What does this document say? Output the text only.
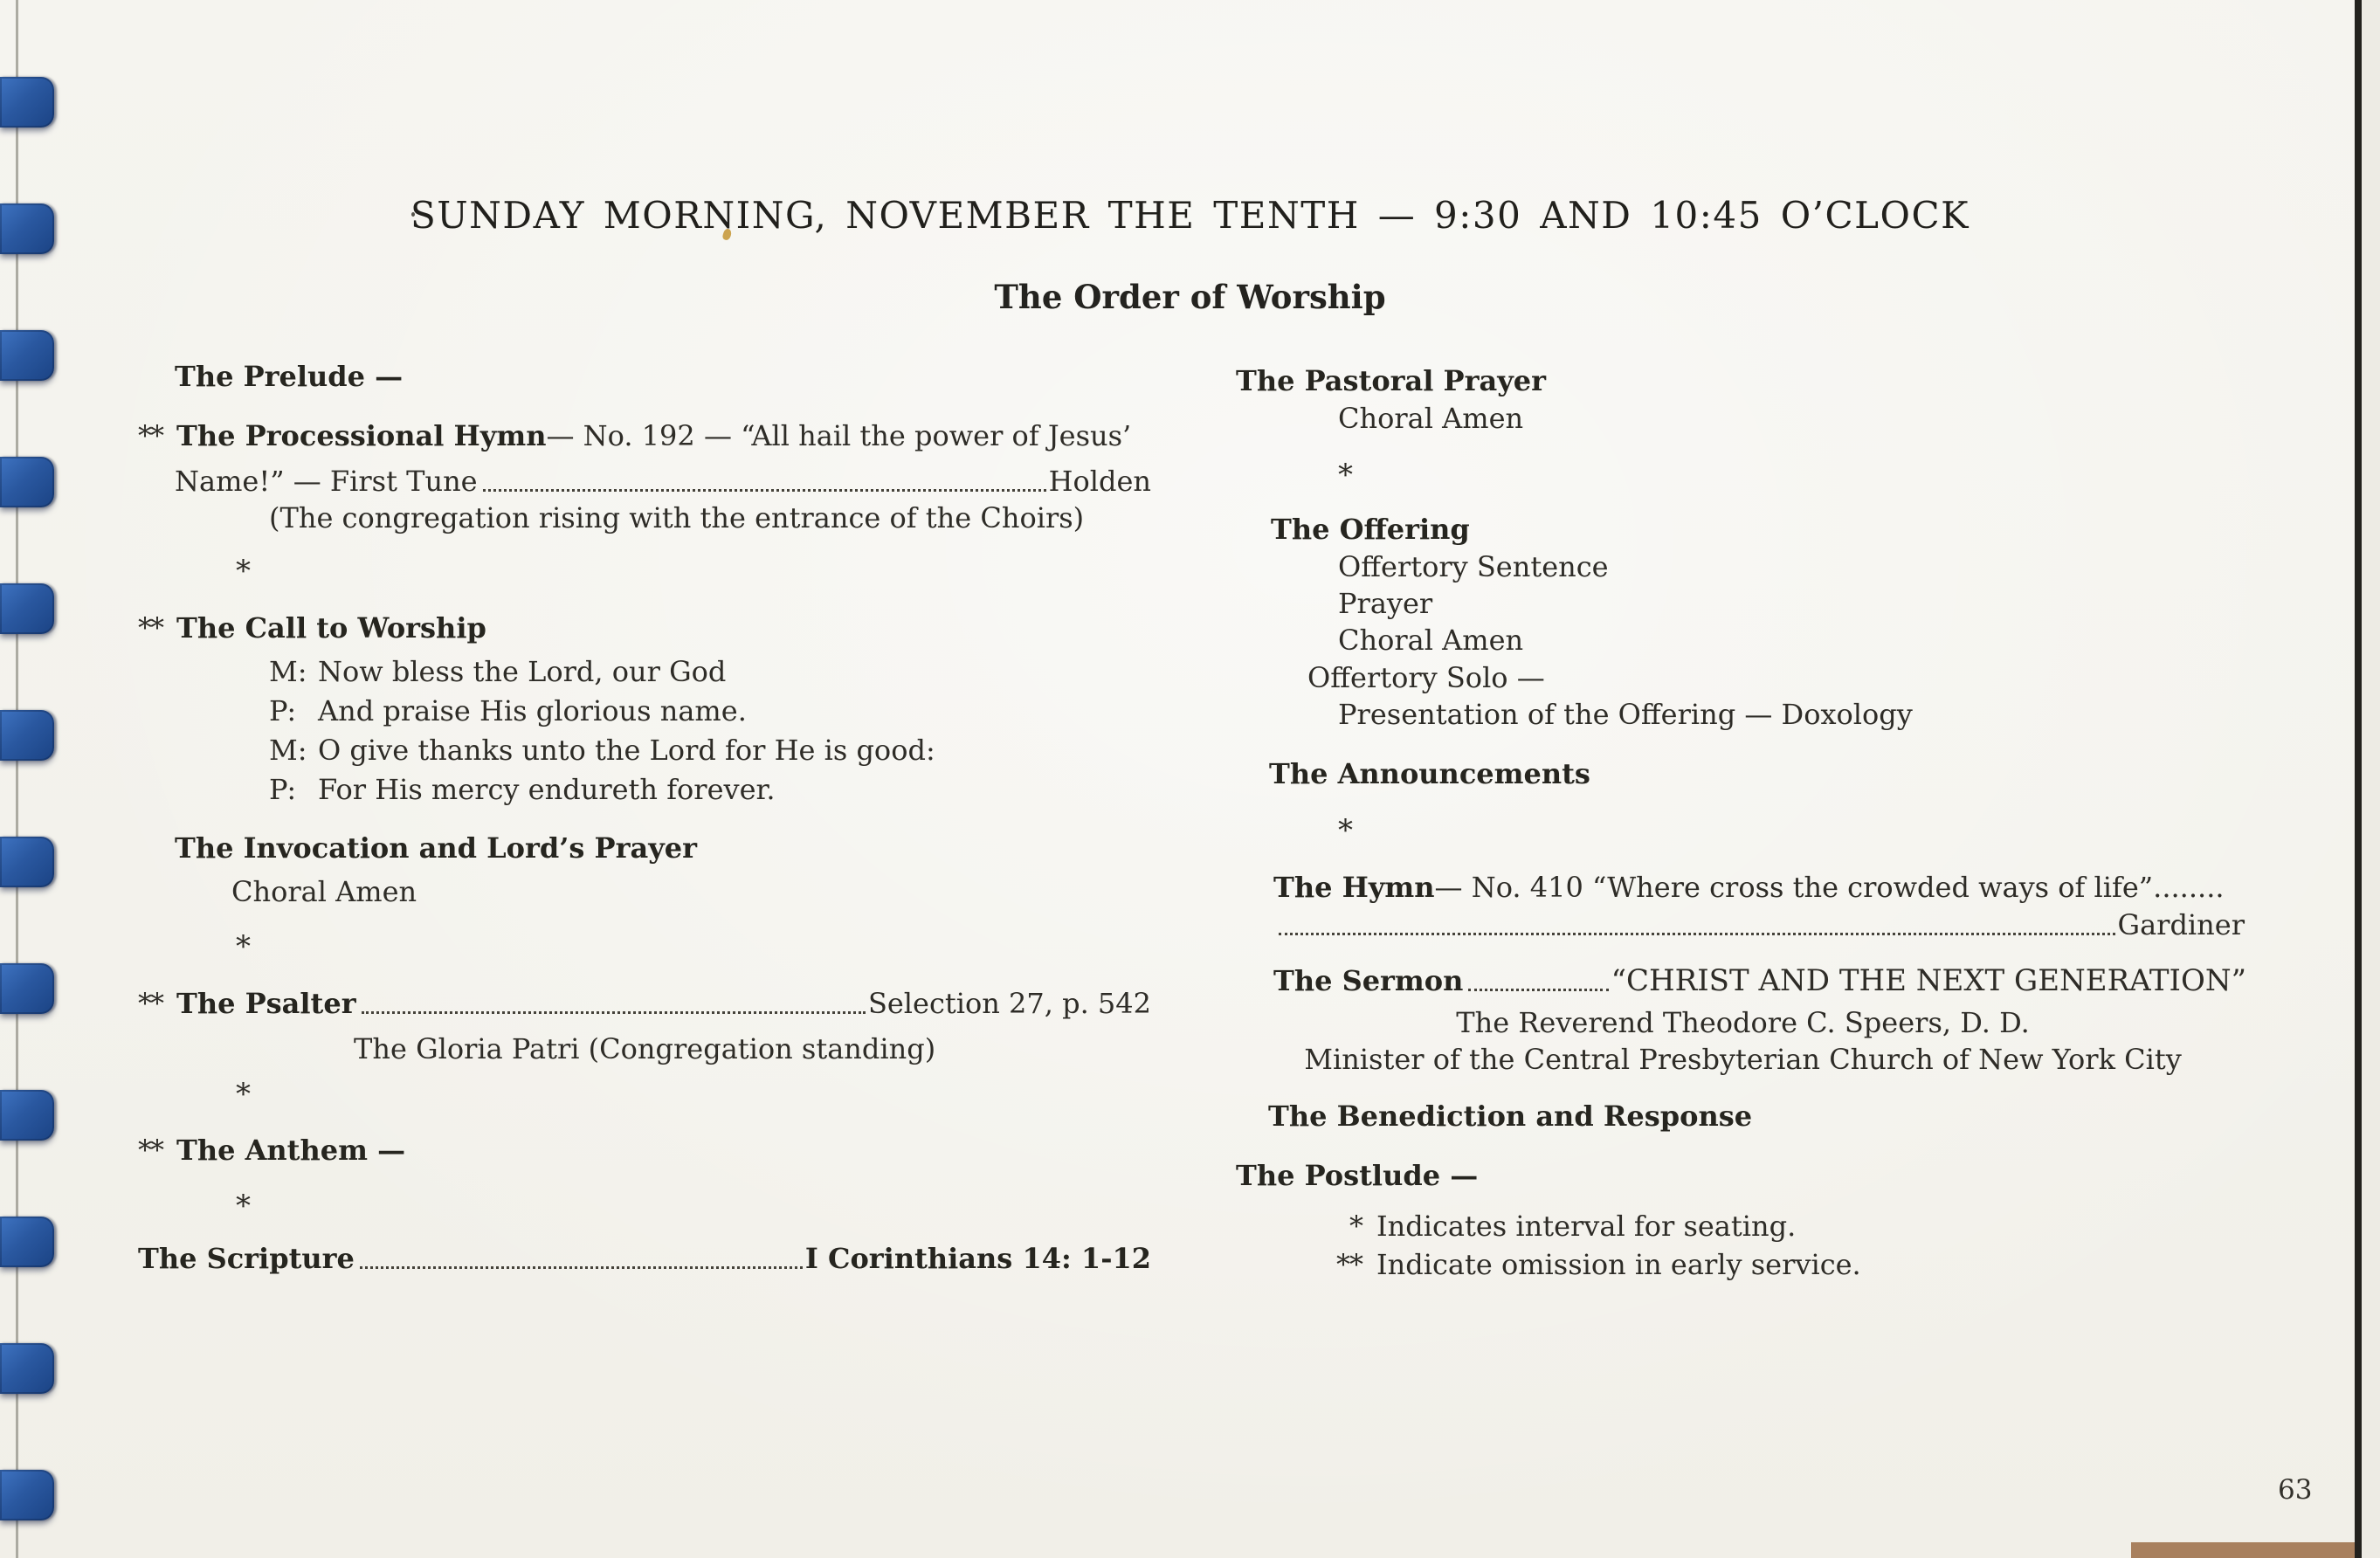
SUNDAY MORNING, NOVEMBER THE TENTH — 9:30 AND 10:45 O’CLOCK
The Order of Worship
The Prelude —
** The Processional Hymn— No. 192 — “All hail the power of Jesus’
Name!” — First Tune	Holden
(The congregation rising with the entrance of the Choirs)
*
** The Call to Worship
M: Now bless the Lord, our God
P: And praise His glorious name.
M: O give thanks unto the Lord for He is good:
P: For His mercy endureth forever.
The Invocation and Lord’s Prayer
Choral Amen
*
** The Psalter	Selection 27, p. 542
The Gloria Patri (Congregation standing)
*
** The Anthem —
*
The Scripture	I Corinthians 14: 1-12
The Pastoral Prayer
Choral Amen
*
The Offering
Offertory Sentence
Prayer
Choral Amen
Offertory Solo —
Presentation of the Offering — Doxology
The Announcements
*
The Hymn— No. 410 “Where cross the crowded ways of life”........
Gardiner
The Sermon	“CHRIST AND THE NEXT GENERATION”
The Reverend Theodore C. Speers, D. D.
Minister of the Central Presbyterian Church of New York City
The Benediction and Response
The Postlude —
* Indicates interval for seating.
** Indicate omission in early service.
63
